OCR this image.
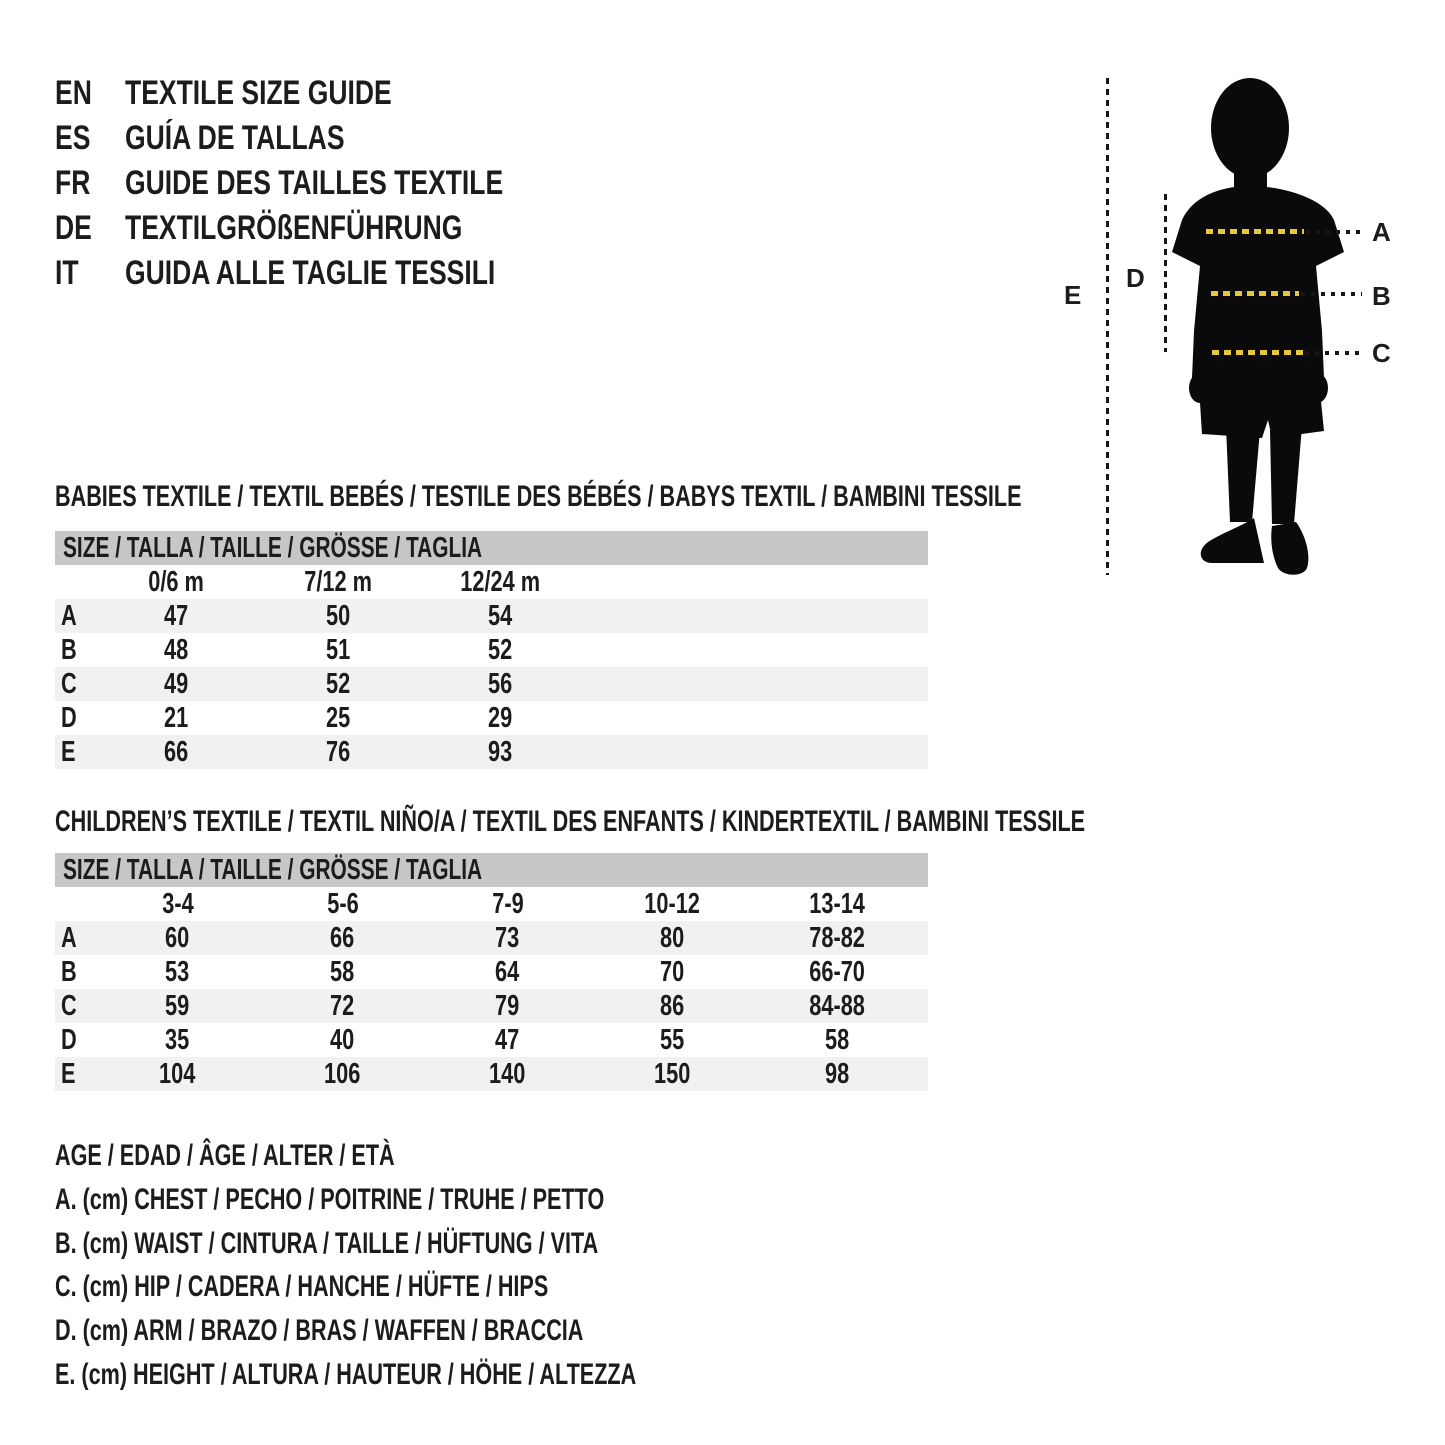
EN TEXTILE SIZE GUIDE
ES	GUÍA DE TALLAS
FR	GUIDE DES TAILLES TEXTILE
DE TEXTILGRÖßENFÜHRUNG
IT	GUIDA ALLE TAGLIE TESSILI
E
D
A
B
C
BABIES TEXTILE / TEXTIL BEBÉS / TESTILE DES BÉBÉS / BABYS TEXTIL / BAMBINI TESSILE
SIZE / TALLA / TAILLE / GRÖSSE / TAGLIA
0/6 m	7/12 m	12/24 m
A	47	50	54
B	48	51	52
C	49	52	56
D	21	25	29
E	66	76	93
CHILDREN’S TEXTILE / TEXTIL NIÑO/A / TEXTIL DES ENFANTS / KINDERTEXTIL / BAMBINI TESSILE
SIZE / TALLA / TAILLE / GRÖSSE / TAGLIA
3-4	5-6	7-9	10-12	13-14
A	60	66	73	80	78-82
B	53	58	64	70	66-70
C	59	72	79	86	84-88
D	35	40	47	55	58
E	104	106	140	150	98
AGE / EDAD / ÂGE / ALTER / ETÀ
A. (cm) CHEST / PECHO / POITRINE / TRUHE / PETTO
B. (cm) WAIST / CINTURA / TAILLE / HÜFTUNG / VITA
C. (cm) HIP / CADERA / HANCHE / HÜFTE / HIPS
D. (cm) ARM / BRAZO / BRAS / WAFFEN / BRACCIA
E. (cm) HEIGHT / ALTURA / HAUTEUR / HÖHE / ALTEZZA
